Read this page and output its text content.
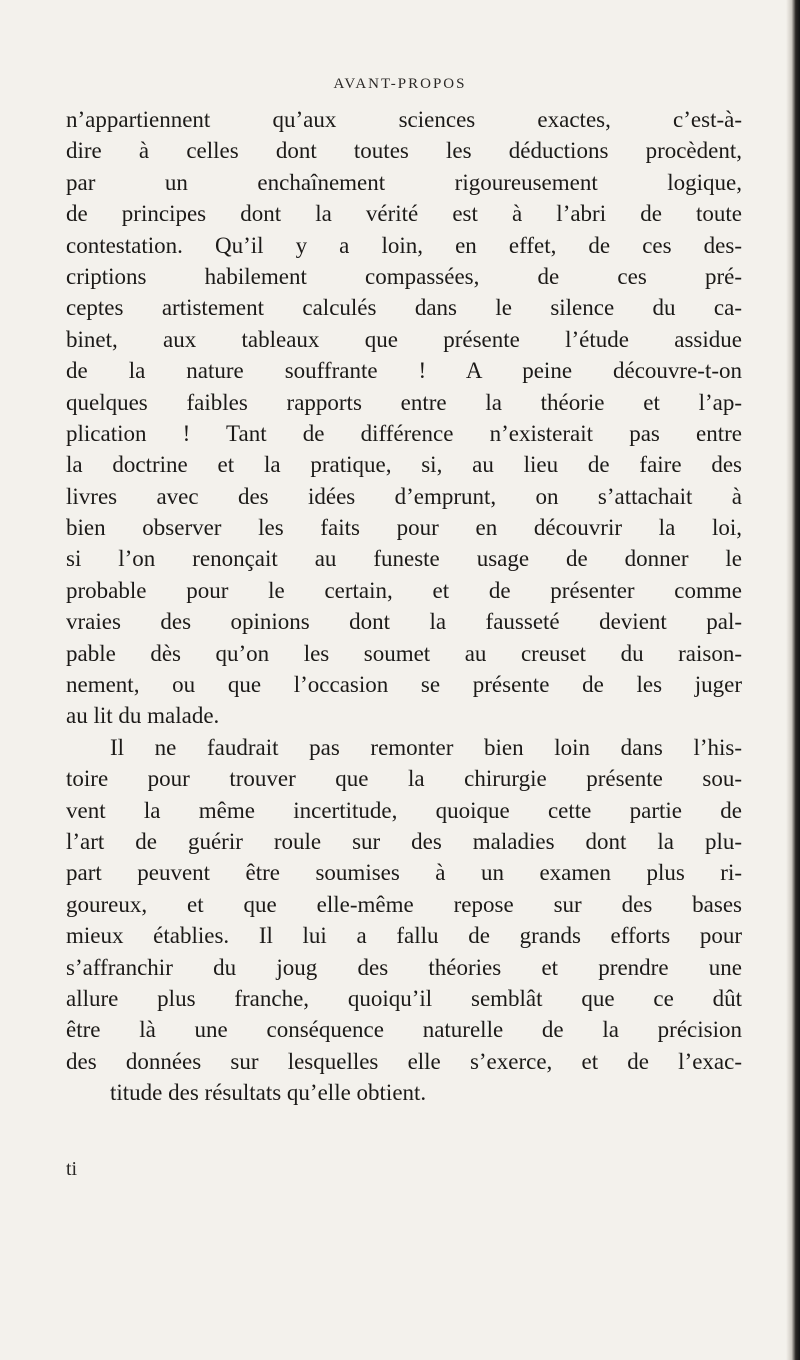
AVANT-PROPOS
n’appartiennent qu’aux sciences exactes, c’est-à-
dire à celles dont toutes les déductions procèdent,
par un enchaînement rigoureusement logique,
de principes dont la vérité est à l’abri de toute
contestation. Qu’il y a loin, en effet, de ces des-
criptions habilement compassées, de ces pré-
ceptes artistement calculés dans le silence du ca-
binet, aux tableaux que présente l’étude assidue
de la nature souffrante ! A peine découvre-t-on
quelques faibles rapports entre la théorie et l’ap-
plication ! Tant de différence n’existerait pas entre
la doctrine et la pratique, si, au lieu de faire des
livres avec des idées d’emprunt, on s’attachait à
bien observer les faits pour en découvrir la loi,
si l’on renonçait au funeste usage de donner le
probable pour le certain, et de présenter comme
vraies des opinions dont la fausseté devient pal-
pable dès qu’on les soumet au creuset du raison-
nement, ou que l’occasion se présente de les juger
au lit du malade.
Il ne faudrait pas remonter bien loin dans l’his-
toire pour trouver que la chirurgie présente sou-
vent la même incertitude, quoique cette partie de
l’art de guérir roule sur des maladies dont la plu-
part peuvent être soumises à un examen plus ri-
goureux, et que elle-même repose sur des bases
mieux établies. Il lui a fallu de grands efforts pour
s’affranchir du joug des théories et prendre une
allure plus franche, quoiqu’il semblât que ce dût
être là une conséquence naturelle de la précision
des données sur lesquelles elle s’exerce, et de l’exac-
titude des résultats qu’elle obtient.
ti
